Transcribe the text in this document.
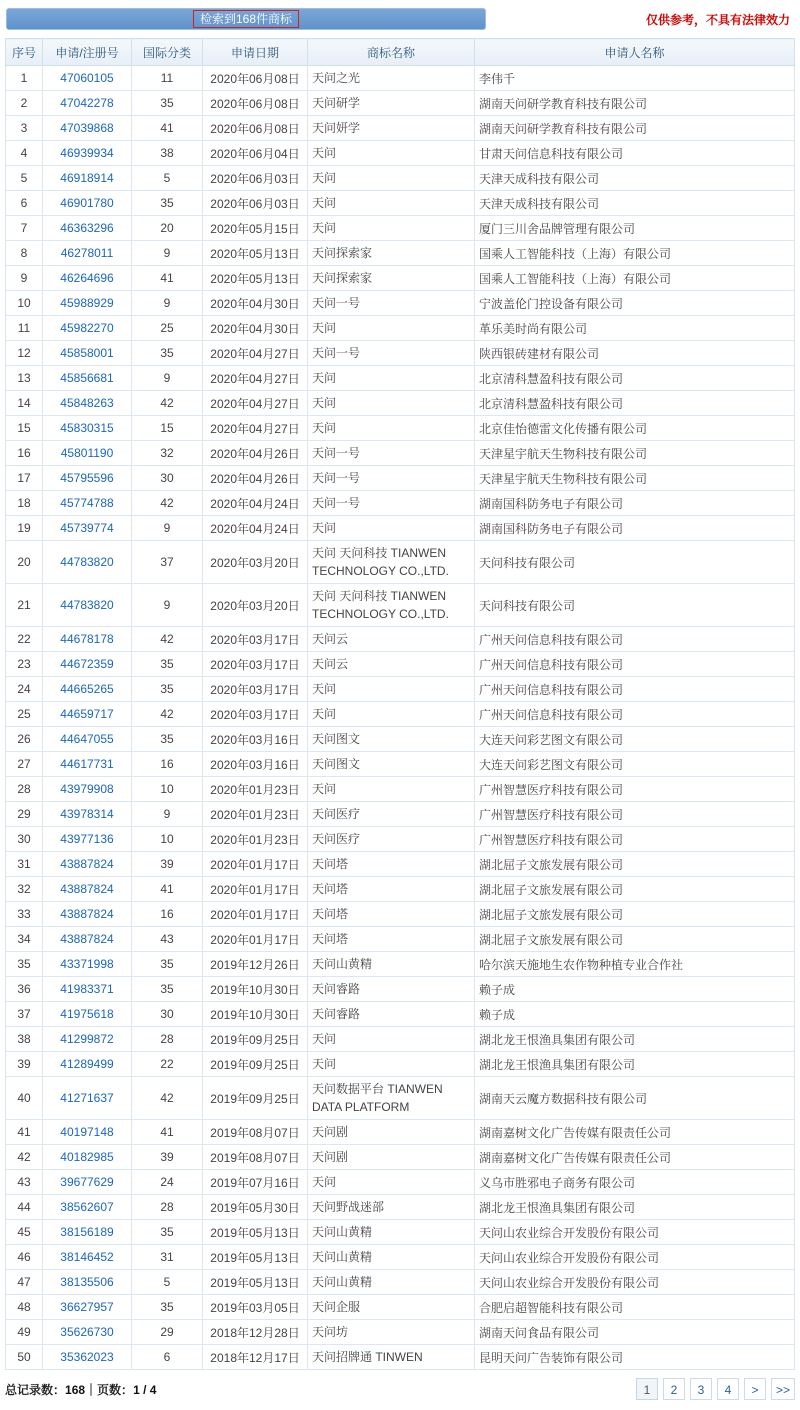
检索到168件商标	仅供参考，不具有法律效力
序号	申请/注册号	国际分类	申请日期	商标名称	申请人名称
1	47060105	11	2020年06月08日	天问之光	李伟千
2	47042278	35	2020年06月08日	天问研学	湖南天问研学教育科技有限公司
3	47039868	41	2020年06月08日	天问妍学	湖南天问研学教育科技有限公司
4	46939934	38	2020年06月04日	天问	甘肃天问信息科技有限公司
5	46918914	5	2020年06月03日	天问	天津天成科技有限公司
6	46901780	35	2020年06月03日	天问	天津天成科技有限公司
7	46363296	20	2020年05月15日	天问	厦门三川舍品牌管理有限公司
8	46278011	9	2020年05月13日	天问探索家	国乘人工智能科技（上海）有限公司
9	46264696	41	2020年05月13日	天问探索家	国乘人工智能科技（上海）有限公司
10	45988929	9	2020年04月30日	天问一号	宁波盖伦门控设备有限公司
11	45982270	25	2020年04月30日	天问	革乐美时尚有限公司
12	45858001	35	2020年04月27日	天问一号	陕西银砖建材有限公司
13	45856681	9	2020年04月27日	天问	北京清科慧盈科技有限公司
14	45848263	42	2020年04月27日	天问	北京清科慧盈科技有限公司
15	45830315	15	2020年04月27日	天问	北京佳怡德雷文化传播有限公司
16	45801190	32	2020年04月26日	天问一号	天津星宇航天生物科技有限公司
17	45795596	30	2020年04月26日	天问一号	天津星宇航天生物科技有限公司
18	45774788	42	2020年04月24日	天问一号	湖南国科防务电子有限公司
19	45739774	9	2020年04月24日	天问	湖南国科防务电子有限公司
20	44783820	37	2020年03月20日	天问 天问科技 TIANWEN TECHNOLOGY CO.,LTD.	天问科技有限公司
21	44783820	9	2020年03月20日	天问 天问科技 TIANWEN TECHNOLOGY CO.,LTD.	天问科技有限公司
22	44678178	42	2020年03月17日	天问云	广州天问信息科技有限公司
23	44672359	35	2020年03月17日	天问云	广州天问信息科技有限公司
24	44665265	35	2020年03月17日	天问	广州天问信息科技有限公司
25	44659717	42	2020年03月17日	天问	广州天问信息科技有限公司
26	44647055	35	2020年03月16日	天问图文	大连天问彩艺图文有限公司
27	44617731	16	2020年03月16日	天问图文	大连天问彩艺图文有限公司
28	43979908	10	2020年01月23日	天问	广州智慧医疗科技有限公司
29	43978314	9	2020年01月23日	天问医疗	广州智慧医疗科技有限公司
30	43977136	10	2020年01月23日	天问医疗	广州智慧医疗科技有限公司
31	43887824	39	2020年01月17日	天问塔	湖北屈子文旅发展有限公司
32	43887824	41	2020年01月17日	天问塔	湖北屈子文旅发展有限公司
33	43887824	16	2020年01月17日	天问塔	湖北屈子文旅发展有限公司
34	43887824	43	2020年01月17日	天问塔	湖北屈子文旅发展有限公司
35	43371998	35	2019年12月26日	天问山黄精	哈尔滨天施地生农作物种植专业合作社
36	41983371	35	2019年10月30日	天问睿路	赖子成
37	41975618	30	2019年10月30日	天问睿路	赖子成
38	41299872	28	2019年09月25日	天问	湖北龙王恨渔具集团有限公司
39	41289499	22	2019年09月25日	天问	湖北龙王恨渔具集团有限公司
40	41271637	42	2019年09月25日	天问数据平台 TIANWEN DATA PLATFORM	湖南天云魔方数据科技有限公司
41	40197148	41	2019年08月07日	天问剧	湖南嘉树文化广告传媒有限责任公司
42	40182985	39	2019年08月07日	天问剧	湖南嘉树文化广告传媒有限责任公司
43	39677629	24	2019年07月16日	天问	义乌市胜邪电子商务有限公司
44	38562607	28	2019年05月30日	天问野战迷部	湖北龙王恨渔具集团有限公司
45	38156189	35	2019年05月13日	天问山黄精	天问山农业综合开发股份有限公司
46	38146452	31	2019年05月13日	天问山黄精	天问山农业综合开发股份有限公司
47	38135506	5	2019年05月13日	天问山黄精	天问山农业综合开发股份有限公司
48	36627957	35	2019年03月05日	天问企服	合肥启超智能科技有限公司
49	35626730	29	2018年12月28日	天问坊	湖南天问食品有限公司
50	35362023	6	2018年12月17日	天问招牌通 TINWEN	昆明天问广告装饰有限公司
总记录数：168｜页数：1 / 4	1	2	3	4	>	>>
